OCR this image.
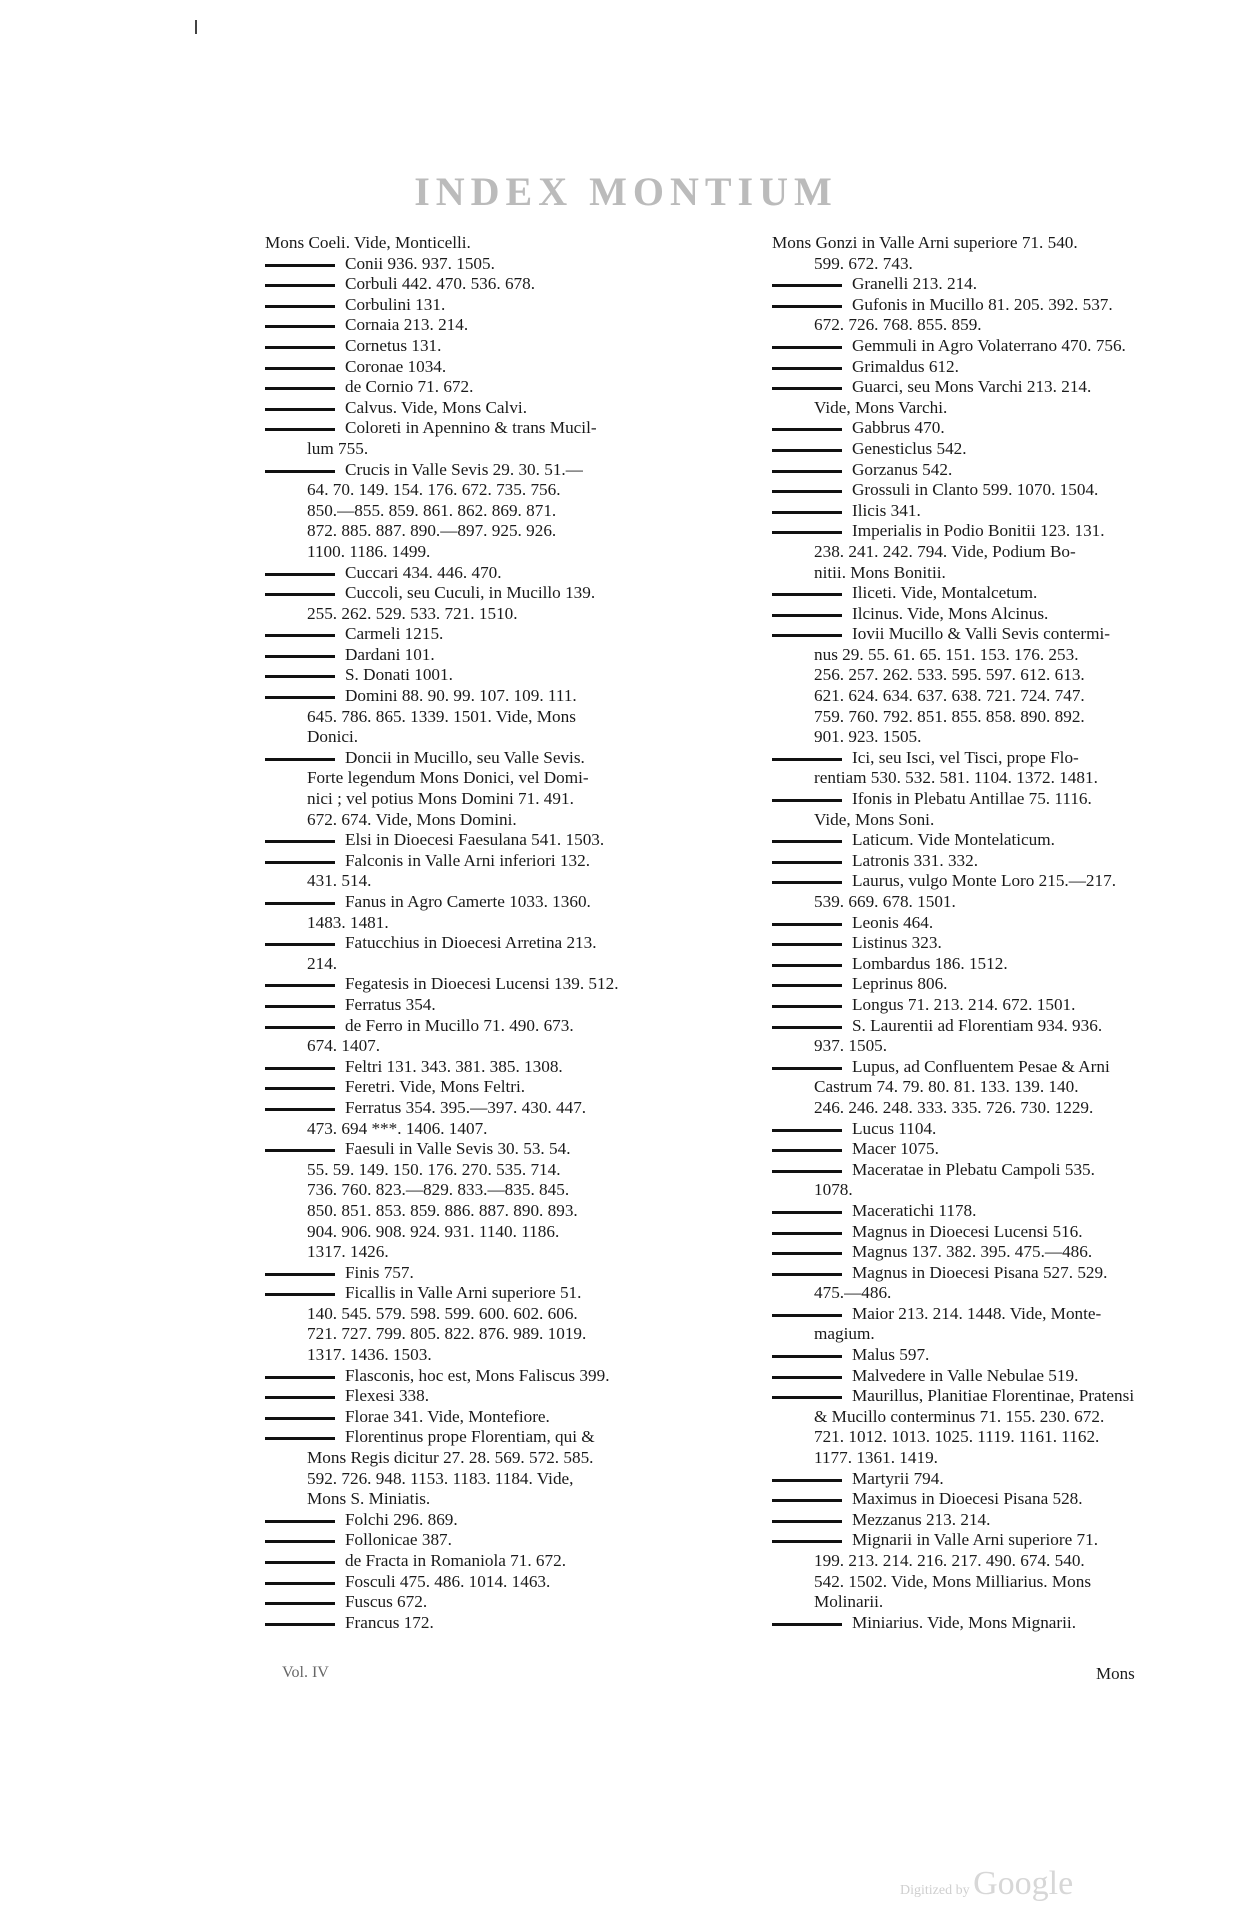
INDEX MONTIUM
Mons Coeli. Vide, Monticelli.
Conii 936. 937. 1505.
Corbuli 442. 470. 536. 678.
Corbulini 131.
Cornaia 213. 214.
Cornetus 131.
Coronae 1034.
de Cornio 71. 672.
Calvus. Vide, Mons Calvi.
Coloreti in Apennino & trans Mucil-
lum 755.
Crucis in Valle Sevis 29. 30. 51.—
64. 70. 149. 154. 176. 672. 735. 756.
850.—855. 859. 861. 862. 869. 871.
872. 885. 887. 890.—897. 925. 926.
1100. 1186. 1499.
Cuccari 434. 446. 470.
Cuccoli, seu Cuculi, in Mucillo 139.
255. 262. 529. 533. 721. 1510.
Carmeli 1215.
Dardani 101.
S. Donati 1001.
Domini 88. 90. 99. 107. 109. 111.
645. 786. 865. 1339. 1501. Vide, Mons
Donici.
Doncii in Mucillo, seu Valle Sevis.
Forte legendum Mons Donici, vel Domi-
nici ; vel potius Mons Domini 71. 491.
672. 674. Vide, Mons Domini.
Elsi in Dioecesi Faesulana 541. 1503.
Falconis in Valle Arni inferiori 132.
431. 514.
Fanus in Agro Camerte 1033. 1360.
1483. 1481.
Fatucchius in Dioecesi Arretina 213.
214.
Fegatesis in Dioecesi Lucensi 139. 512.
Ferratus 354.
de Ferro in Mucillo 71. 490. 673.
674. 1407.
Feltri 131. 343. 381. 385. 1308.
Feretri. Vide, Mons Feltri.
Ferratus 354. 395.—397. 430. 447.
473. 694 ***. 1406. 1407.
Faesuli in Valle Sevis 30. 53. 54.
55. 59. 149. 150. 176. 270. 535. 714.
736. 760. 823.—829. 833.—835. 845.
850. 851. 853. 859. 886. 887. 890. 893.
904. 906. 908. 924. 931. 1140. 1186.
1317. 1426.
Finis 757.
Ficallis in Valle Arni superiore 51.
140. 545. 579. 598. 599. 600. 602. 606.
721. 727. 799. 805. 822. 876. 989. 1019.
1317. 1436. 1503.
Flasconis, hoc est, Mons Faliscus 399.
Flexesi 338.
Florae 341. Vide, Montefiore.
Florentinus prope Florentiam, qui &
Mons Regis dicitur 27. 28. 569. 572. 585.
592. 726. 948. 1153. 1183. 1184. Vide,
Mons S. Miniatis.
Folchi 296. 869.
Follonicae 387.
de Fracta in Romaniola 71. 672.
Fosculi 475. 486. 1014. 1463.
Fuscus 672.
Francus 172.
Mons Gonzi in Valle Arni superiore 71. 540.
599. 672. 743.
Granelli 213. 214.
Gufonis in Mucillo 81. 205. 392. 537.
672. 726. 768. 855. 859.
Gemmuli in Agro Volaterrano 470. 756.
Grimaldus 612.
Guarci, seu Mons Varchi 213. 214.
Vide, Mons Varchi.
Gabbrus 470.
Genesticlus 542.
Gorzanus 542.
Grossuli in Clanto 599. 1070. 1504.
Ilicis 341.
Imperialis in Podio Bonitii 123. 131.
238. 241. 242. 794. Vide, Podium Bo-
nitii. Mons Bonitii.
Iliceti. Vide, Montalcetum.
Ilcinus. Vide, Mons Alcinus.
Iovii Mucillo & Valli Sevis contermi-
nus 29. 55. 61. 65. 151. 153. 176. 253.
256. 257. 262. 533. 595. 597. 612. 613.
621. 624. 634. 637. 638. 721. 724. 747.
759. 760. 792. 851. 855. 858. 890. 892.
901. 923. 1505.
Ici, seu Isci, vel Tisci, prope Flo-
rentiam 530. 532. 581. 1104. 1372. 1481.
Ifonis in Plebatu Antillae 75. 1116.
Vide, Mons Soni.
Laticum. Vide Montelaticum.
Latronis 331. 332.
Laurus, vulgo Monte Loro 215.—217.
539. 669. 678. 1501.
Leonis 464.
Listinus 323.
Lombardus 186. 1512.
Leprinus 806.
Longus 71. 213. 214. 672. 1501.
S. Laurentii ad Florentiam 934. 936.
937. 1505.
Lupus, ad Confluentem Pesae & Arni
Castrum 74. 79. 80. 81. 133. 139. 140.
246. 246. 248. 333. 335. 726. 730. 1229.
Lucus 1104.
Macer 1075.
Maceratae in Plebatu Campoli 535.
1078.
Maceratichi 1178.
Magnus in Dioecesi Lucensi 516.
Magnus 137. 382. 395. 475.—486.
Magnus in Dioecesi Pisana 527. 529.
475.—486.
Maior 213. 214. 1448. Vide, Monte-
magium.
Malus 597.
Malvedere in Valle Nebulae 519.
Maurillus, Planitiae Florentinae, Pratensi
& Mucillo conterminus 71. 155. 230. 672.
721. 1012. 1013. 1025. 1119. 1161. 1162.
1177. 1361. 1419.
Martyrii 794.
Maximus in Dioecesi Pisana 528.
Mezzanus 213. 214.
Mignarii in Valle Arni superiore 71.
199. 213. 214. 216. 217. 490. 674. 540.
542. 1502. Vide, Mons Milliarius. Mons
Molinarii.
Miniarius. Vide, Mons Mignarii.
Vol. IV	Mons
Digitized by Google
